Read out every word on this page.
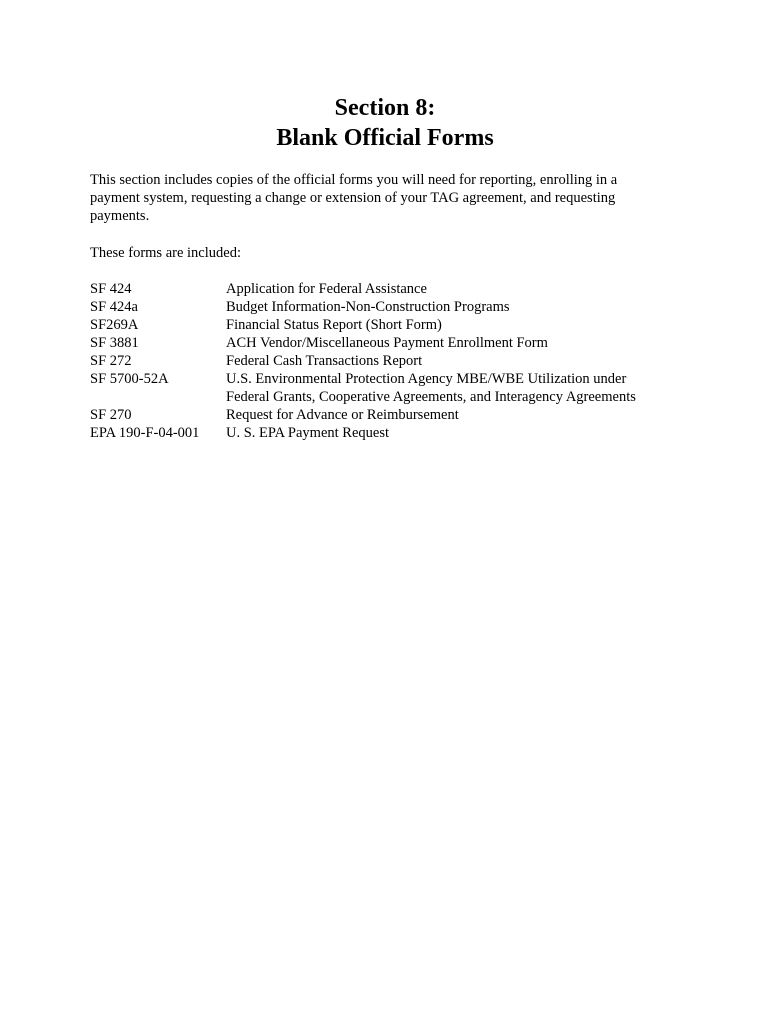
Section 8:
Blank Official Forms
This section includes copies of the official forms you will need for reporting, enrolling in a
payment system, requesting a change or extension of your TAG agreement, and requesting
payments.
These forms are included:
SF 424	Application for Federal Assistance
SF 424a	Budget Information-Non-Construction Programs
SF269A	Financial Status Report (Short Form)
SF 3881	ACH Vendor/Miscellaneous Payment Enrollment Form
SF 272	Federal Cash Transactions Report
SF 5700-52A	U.S. Environmental Protection Agency MBE/WBE Utilization under
Federal Grants, Cooperative Agreements, and Interagency Agreements
SF 270	Request for Advance or Reimbursement
EPA 190-F-04-001	U. S. EPA Payment Request
